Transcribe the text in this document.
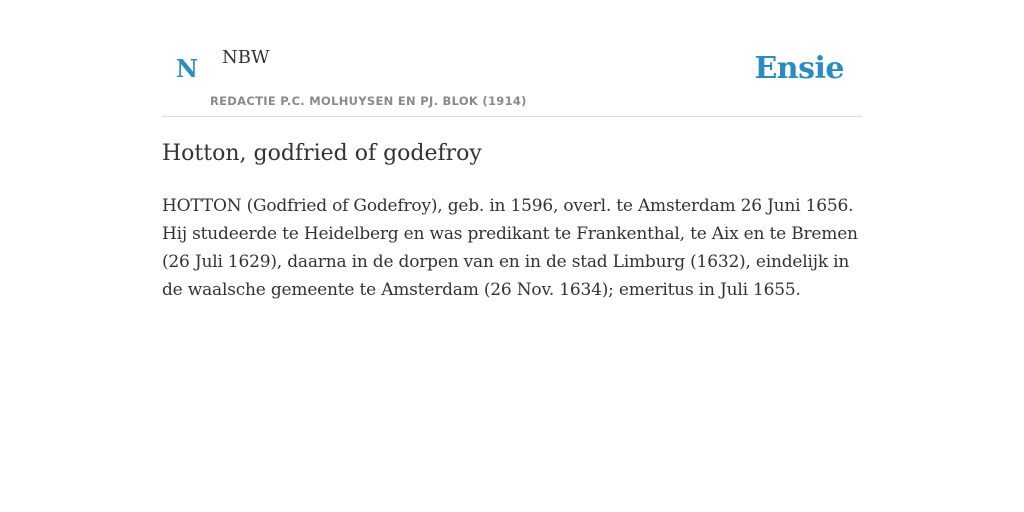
N NBW
REDACTIE P.C. MOLHUYSEN EN PJ. BLOK (1914)
Ensie
Hotton, godfried of godefroy

HOTTON (Godfried of Godefroy), geb. in 1596, overl. te Amsterdam 26 Juni 1656. Hij studeerde te Heidelberg en was predikant te Frankenthal, te Aix en te Bremen (26 Juli 1629), daarna in de dorpen van en in de stad Limburg (1632), eindelijk in de waalsche gemeente te Amsterdam (26 Nov. 1634); emeritus in Juli 1655.
